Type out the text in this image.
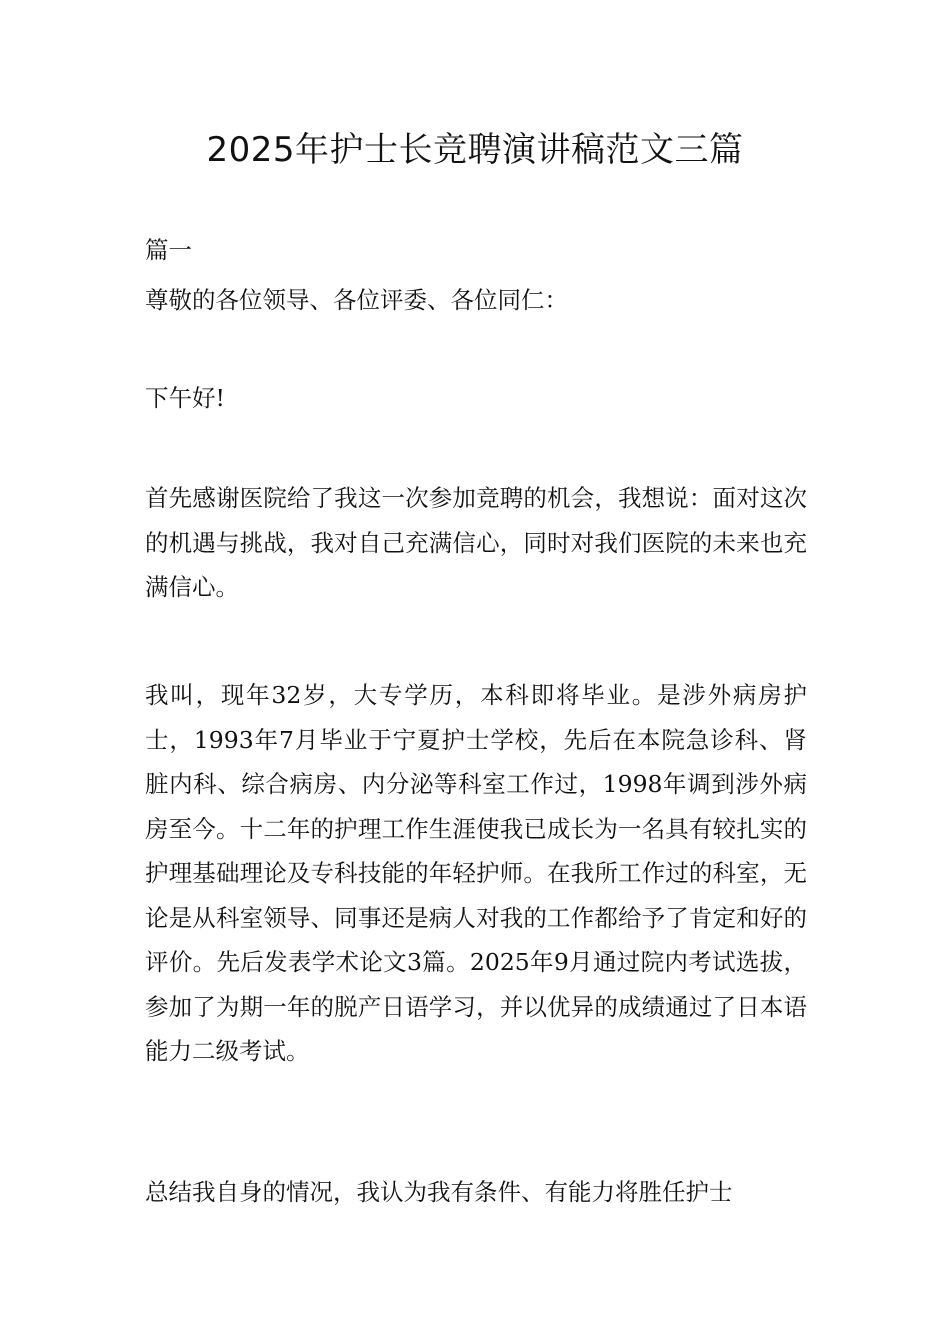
2025年护士长竞聘演讲稿范文三篇

篇一

尊敬的各位领导、各位评委、各位同仁：

下午好!

首先感谢医院给了我这一次参加竞聘的机会，我想说：面对这次的机遇与挑战，我对自己充满信心，同时对我们医院的未来也充满信心。

我叫，现年32岁，大专学历，本科即将毕业。是涉外病房护士，1993年7月毕业于宁夏护士学校，先后在本院急诊科、肾脏内科、综合病房、内分泌等科室工作过，1998年调到涉外病房至今。十二年的护理工作生涯使我已成长为一名具有较扎实的护理基础理论及专科技能的年轻护师。在我所工作过的科室，无论是从科室领导、同事还是病人对我的工作都给予了肯定和好的评价。先后发表学术论文3篇。2025年9月通过院内考试选拔，参加了为期一年的脱产日语学习，并以优异的成绩通过了日本语能力二级考试。

总结我自身的情况，我认为我有条件、有能力将胜任护士
